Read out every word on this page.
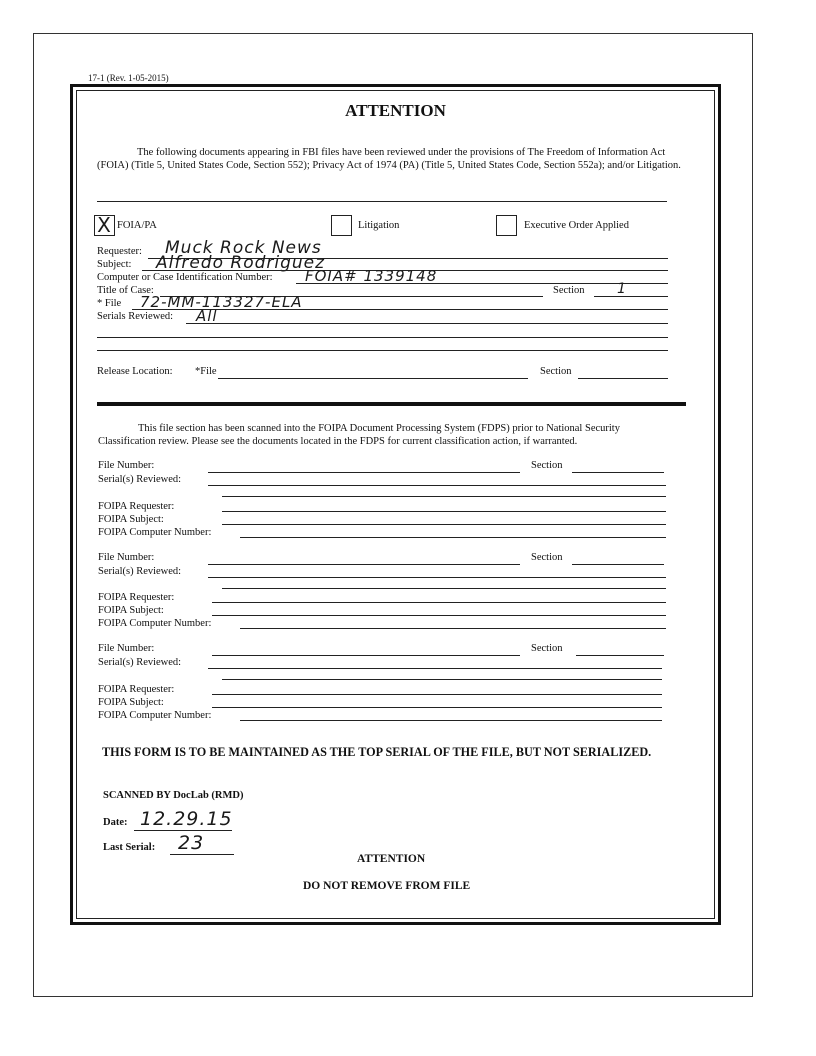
17-1 (Rev. 1-05-2015)
ATTENTION
The following documents appearing in FBI files have been reviewed under the provisions of The Freedom of Information Act (FOIA) (Title 5, United States Code, Section 552); Privacy Act of 1974 (PA) (Title 5, United States Code, Section 552a); and/or Litigation.
X FOIA/PA	Litigation	Executive Order Applied
Requester: Muck Rock News
Subject: Alfredo Rodriguez
Computer or Case Identification Number: FOIA# 1339148
Title of Case:	Section 1
* File 72-MM-113327-ELA
Serials Reviewed: All
Release Location: *File	Section
This file section has been scanned into the FOIPA Document Processing System (FDPS) prior to National Security Classification review. Please see the documents located in the FDPS for current classification action, if warranted.
File Number:	Section
Serial(s) Reviewed:
FOIPA Requester:
FOIPA Subject:
FOIPA Computer Number:
File Number:	Section
Serial(s) Reviewed:
FOIPA Requester:
FOIPA Subject:
FOIPA Computer Number:
File Number:	Section
Serial(s) Reviewed:
FOIPA Requester:
FOIPA Subject:
FOIPA Computer Number:
THIS FORM IS TO BE MAINTAINED AS THE TOP SERIAL OF THE FILE, BUT NOT SERIALIZED.
SCANNED BY DocLab (RMD)
Date: 12.29.15
Last Serial: 23
ATTENTION
DO NOT REMOVE FROM FILE
